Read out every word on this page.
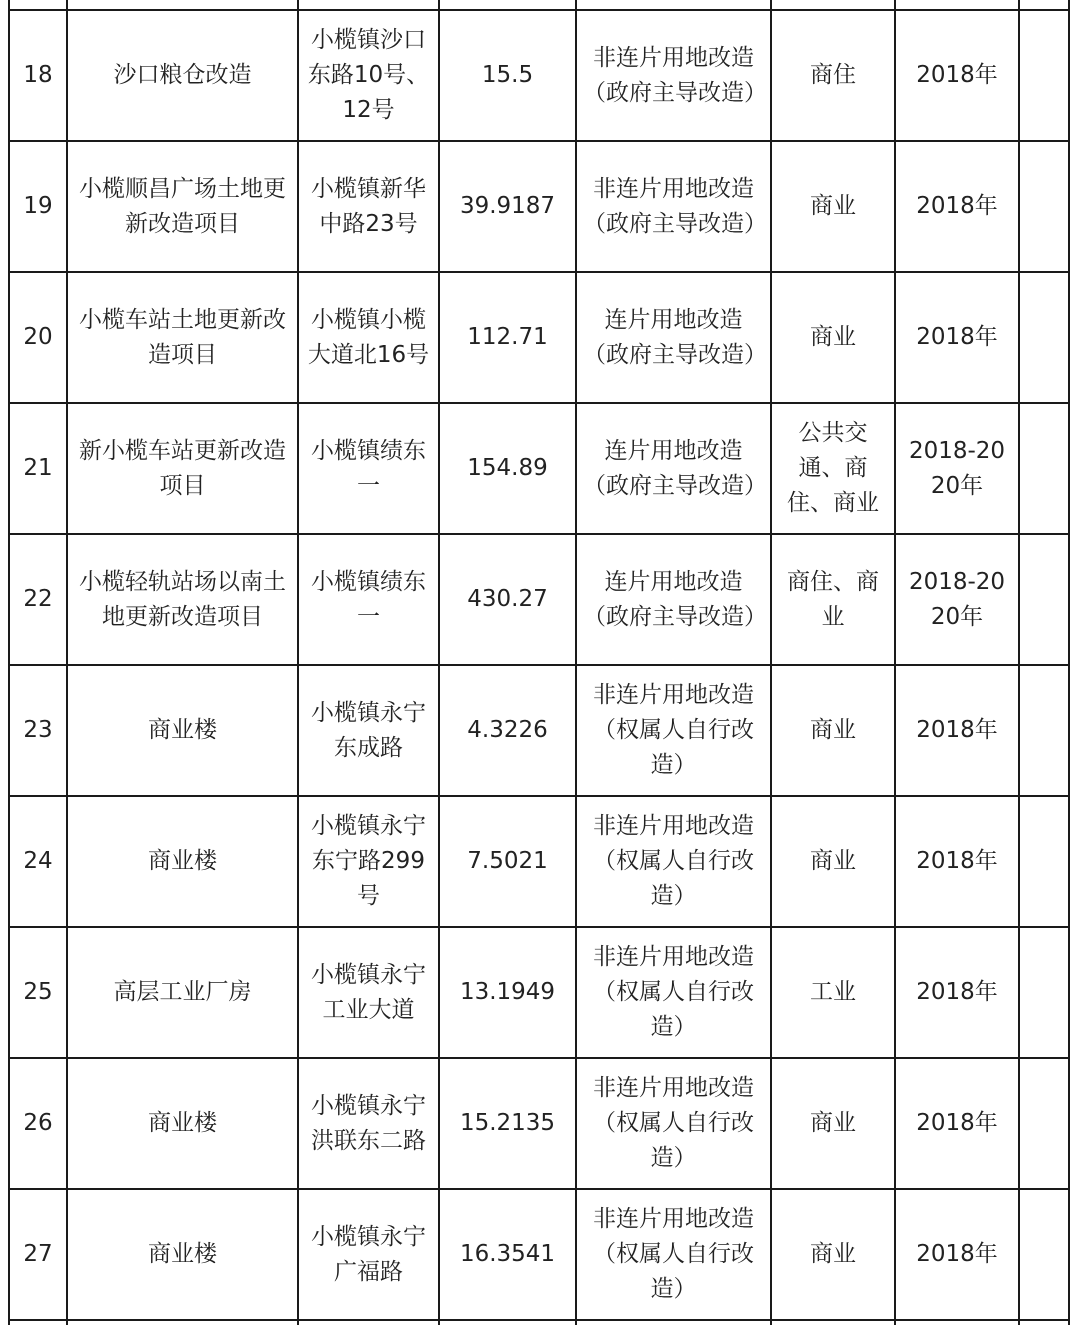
18	沙口粮仓改造	小榄镇沙口东路10号、12号	15.5	非连片用地改造（政府主导改造）	商住	2018年	
19	小榄顺昌广场土地更新改造项目	小榄镇新华中路23号	39.9187	非连片用地改造（政府主导改造）	商业	2018年	
20	小榄车站土地更新改造项目	小榄镇小榄大道北16号	112.71	连片用地改造（政府主导改造）	商业	2018年	
21	新小榄车站更新改造项目	小榄镇绩东一	154.89	连片用地改造（政府主导改造）	公共交通、商住、商业	2018-2020年	
22	小榄轻轨站场以南土地更新改造项目	小榄镇绩东一	430.27	连片用地改造（政府主导改造）	商住、商业	2018-2020年	
23	商业楼	小榄镇永宁东成路	4.3226	非连片用地改造（权属人自行改造）	商业	2018年	
24	商业楼	小榄镇永宁东宁路299号	7.5021	非连片用地改造（权属人自行改造）	商业	2018年	
25	高层工业厂房	小榄镇永宁工业大道	13.1949	非连片用地改造（权属人自行改造）	工业	2018年	
26	商业楼	小榄镇永宁洪联东二路	15.2135	非连片用地改造（权属人自行改造）	商业	2018年	
27	商业楼	小榄镇永宁广福路	16.3541	非连片用地改造（权属人自行改造）	商业	2018年	
